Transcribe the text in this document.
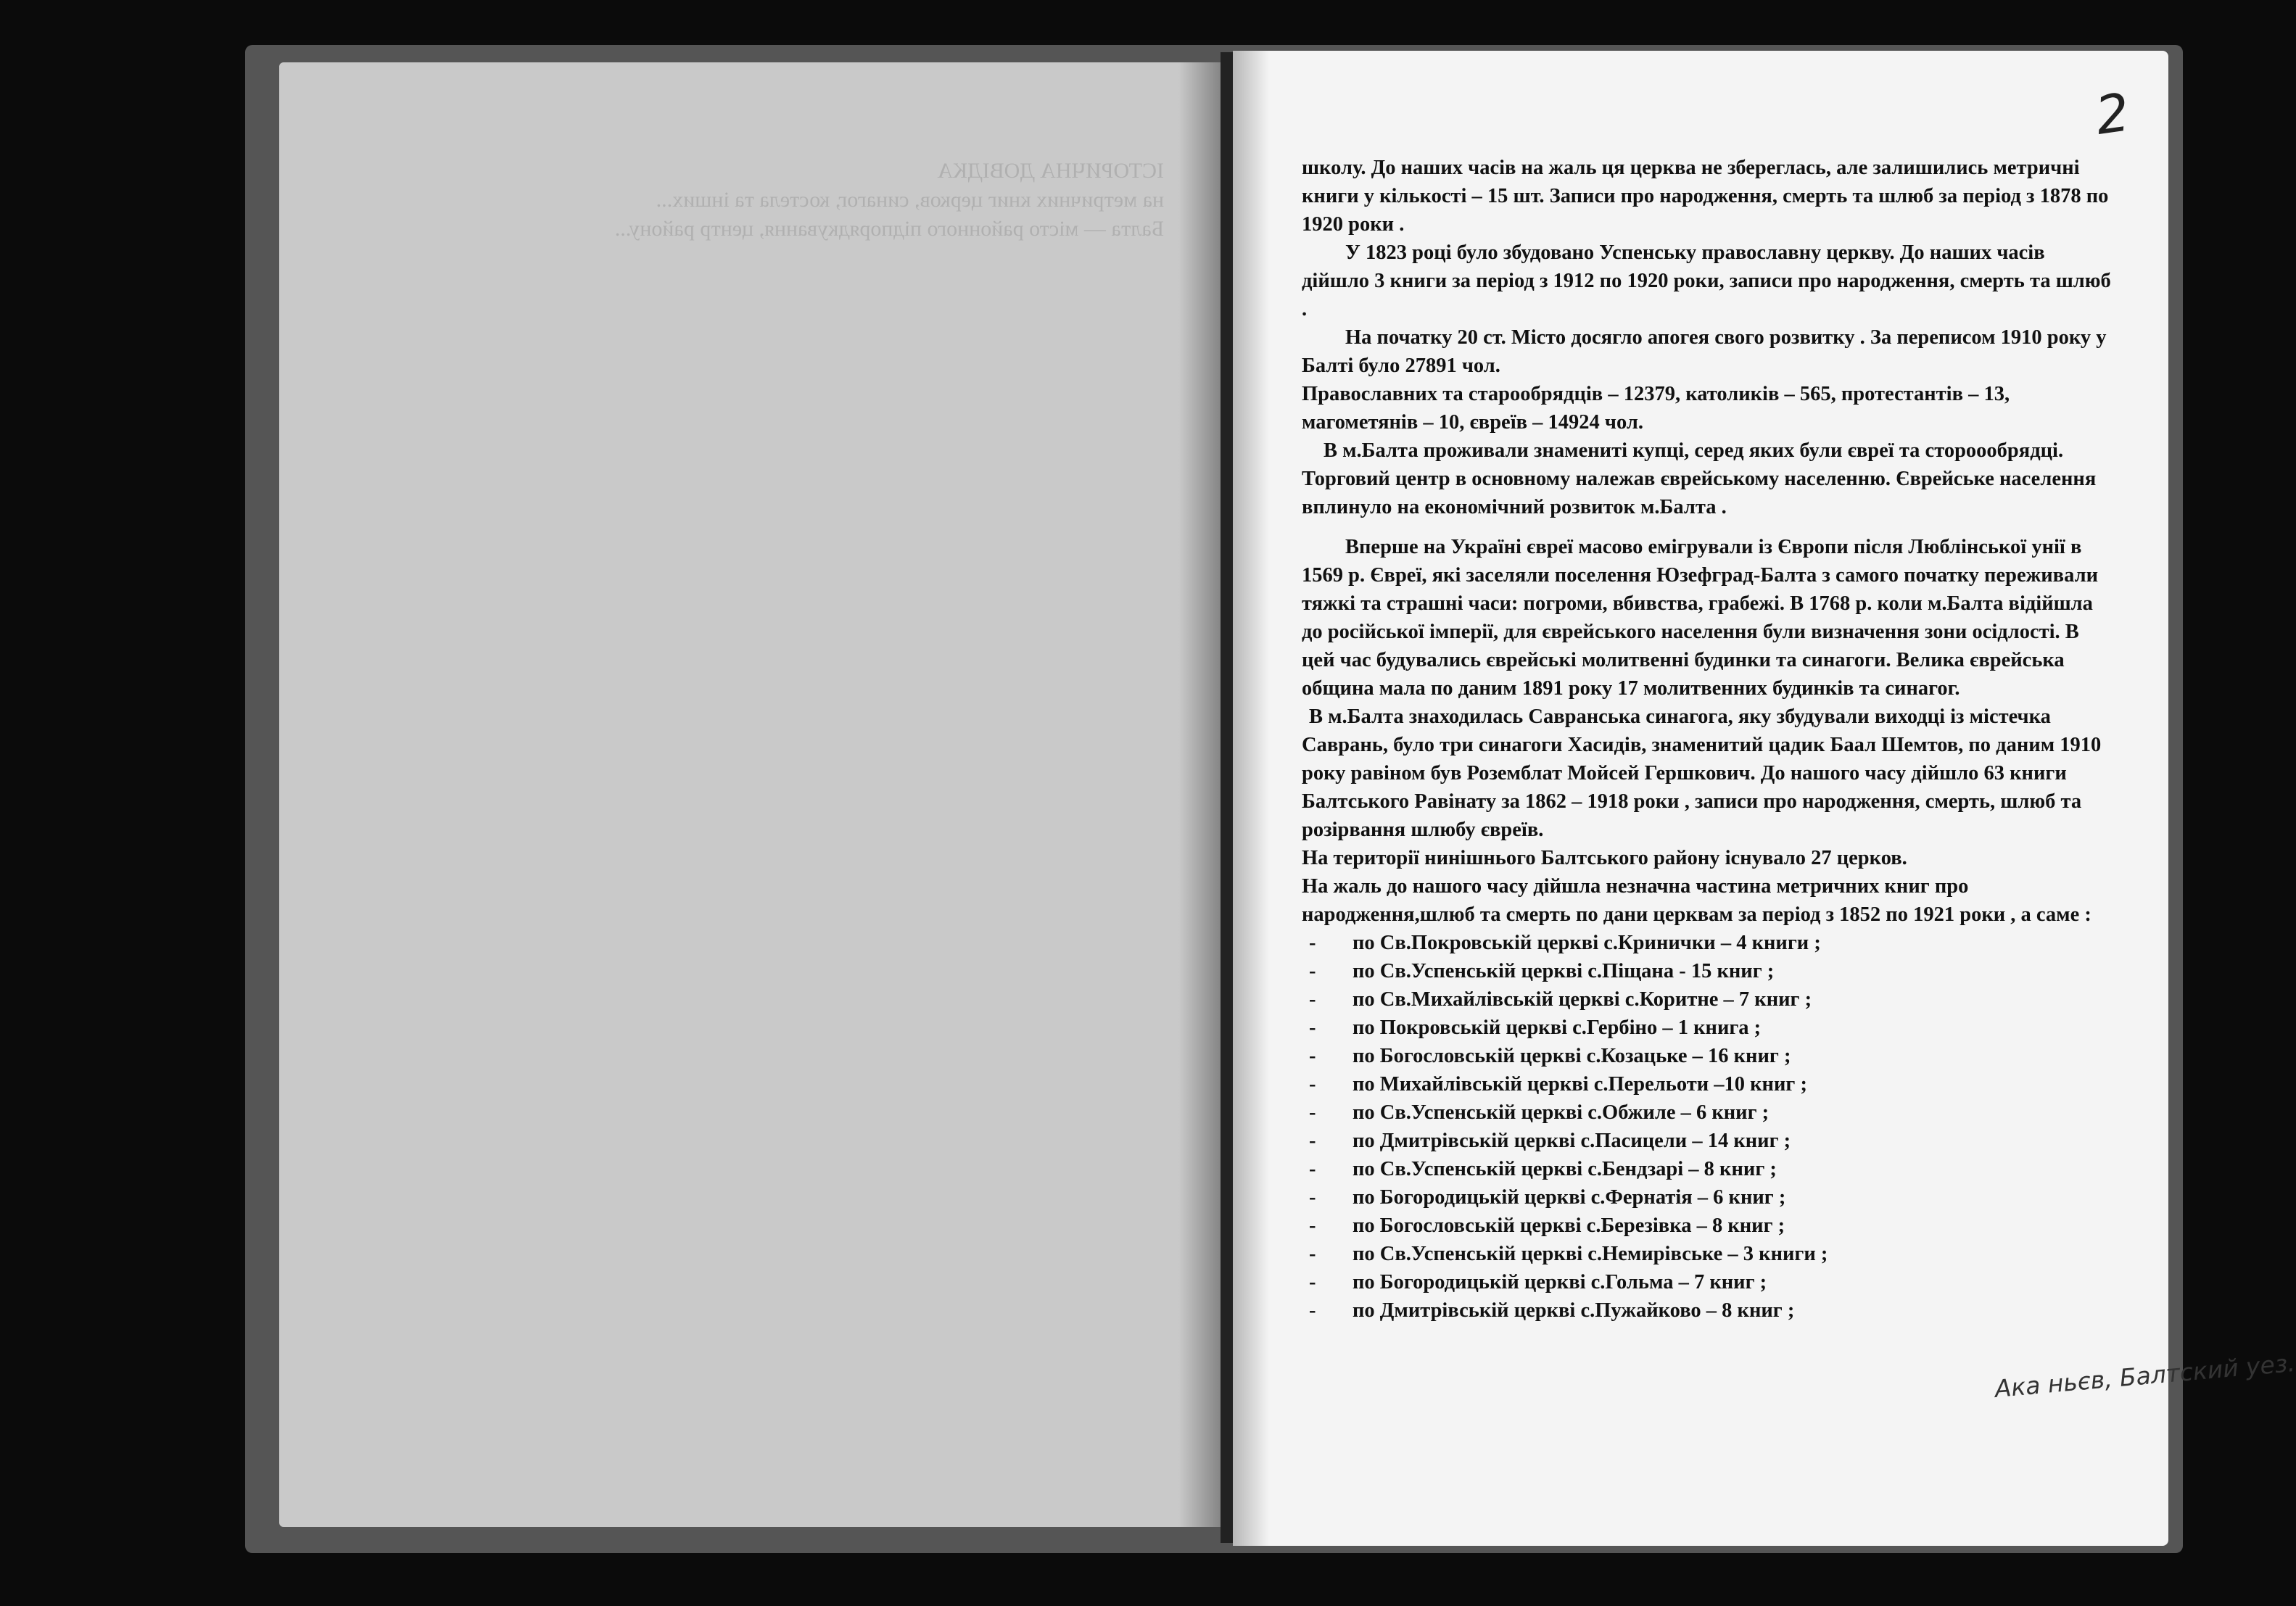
ІСТОРИЧНА ДОВІДКА
на метричних книг церков, синагог, костела та інших...
Балта — місто районного підпорядкування, центр району...
2

школу. До наших часів на жаль ця церква не збереглась, але залишились метричні книги у кількості – 15 шт. Записи про народження, смерть та шлюб за період з 1878 по 1920 роки .

У 1823 році було збудовано Успенську православну церкву. До наших часів дійшло 3 книги за період з 1912 по 1920 роки, записи про народження, смерть та шлюб .

На початку 20 ст. Місто досягло апогея свого розвитку . За переписом 1910 року у Балті було 27891 чол.

Православних та старообрядців – 12379, католиків – 565, протестантів – 13, магометянів – 10, євреїв – 14924 чол.

В м.Балта проживали знамениті купці, серед яких були євреї та стороообрядці. Торговий центр в основному належав єврейському населенню. Єврейське населення вплинуло на економічний розвиток м.Балта .

Вперше на Україні євреї масово емігрували із Європи після Люблінської унії в 1569 р. Євреї, які заселяли поселення Юзефград-Балта з самого початку переживали тяжкі та страшні часи: погроми, вбивства, грабежі. В 1768 р. коли м.Балта відійшла до російської імперії, для єврейського населення були визначення зони осідлості. В цей час будувались єврейські молитвенні будинки та синагоги. Велика єврейська община мала по даним 1891 року 17 молитвенних будинків та синагог.

В м.Балта знаходилась Савранська синагога, яку збудували виходці із містечка Саврань, було три синагоги Хасидів, знаменитий цадик Баал Шемтов, по даним 1910 року равіном був Роземблат Мойсей Гершкович. До нашого часу дійшло 63 книги Балтського Равінату за 1862 – 1918 роки , записи про народження, смерть, шлюб та розірвання шлюбу євреїв.

На території нинішнього Балтського району існувало 27 церков.

На жаль до нашого часу дійшла незначна частина метричних книг про народження,шлюб та смерть по дани церквам за період з 1852 по 1921 роки , а саме :

- по Св.Покровській церкві с.Кринички – 4 книги ;
- по Св.Успенській церкві с.Піщана - 15 книг ;
- по Св.Михайлівській церкві с.Коритне – 7 книг ;
- по Покровській церкві с.Гербіно – 1 книга ;
- по Богословській церкві с.Козацьке – 16 книг ;
- по Михайлівській церкві с.Перельоти –10 книг ;
- по Св.Успенській церкві с.Обжиле – 6 книг ;
- по Дмитрівській церкві с.Пасицели – 14 книг ;
- по Св.Успенській церкві с.Бендзарі – 8 книг ;
- по Богородицькій церкві с.Фернатія – 6 книг ;
- по Богословській церкві с.Березівка – 8 книг ;
- по Св.Успенській церкві с.Немирівське – 3 книги ;
- по Богородицькій церкві с.Гольма – 7 книг ;
- по Дмитрівській церкві с.Пужайково – 8 книг ;
Ака ньєв, Балтский уез.
